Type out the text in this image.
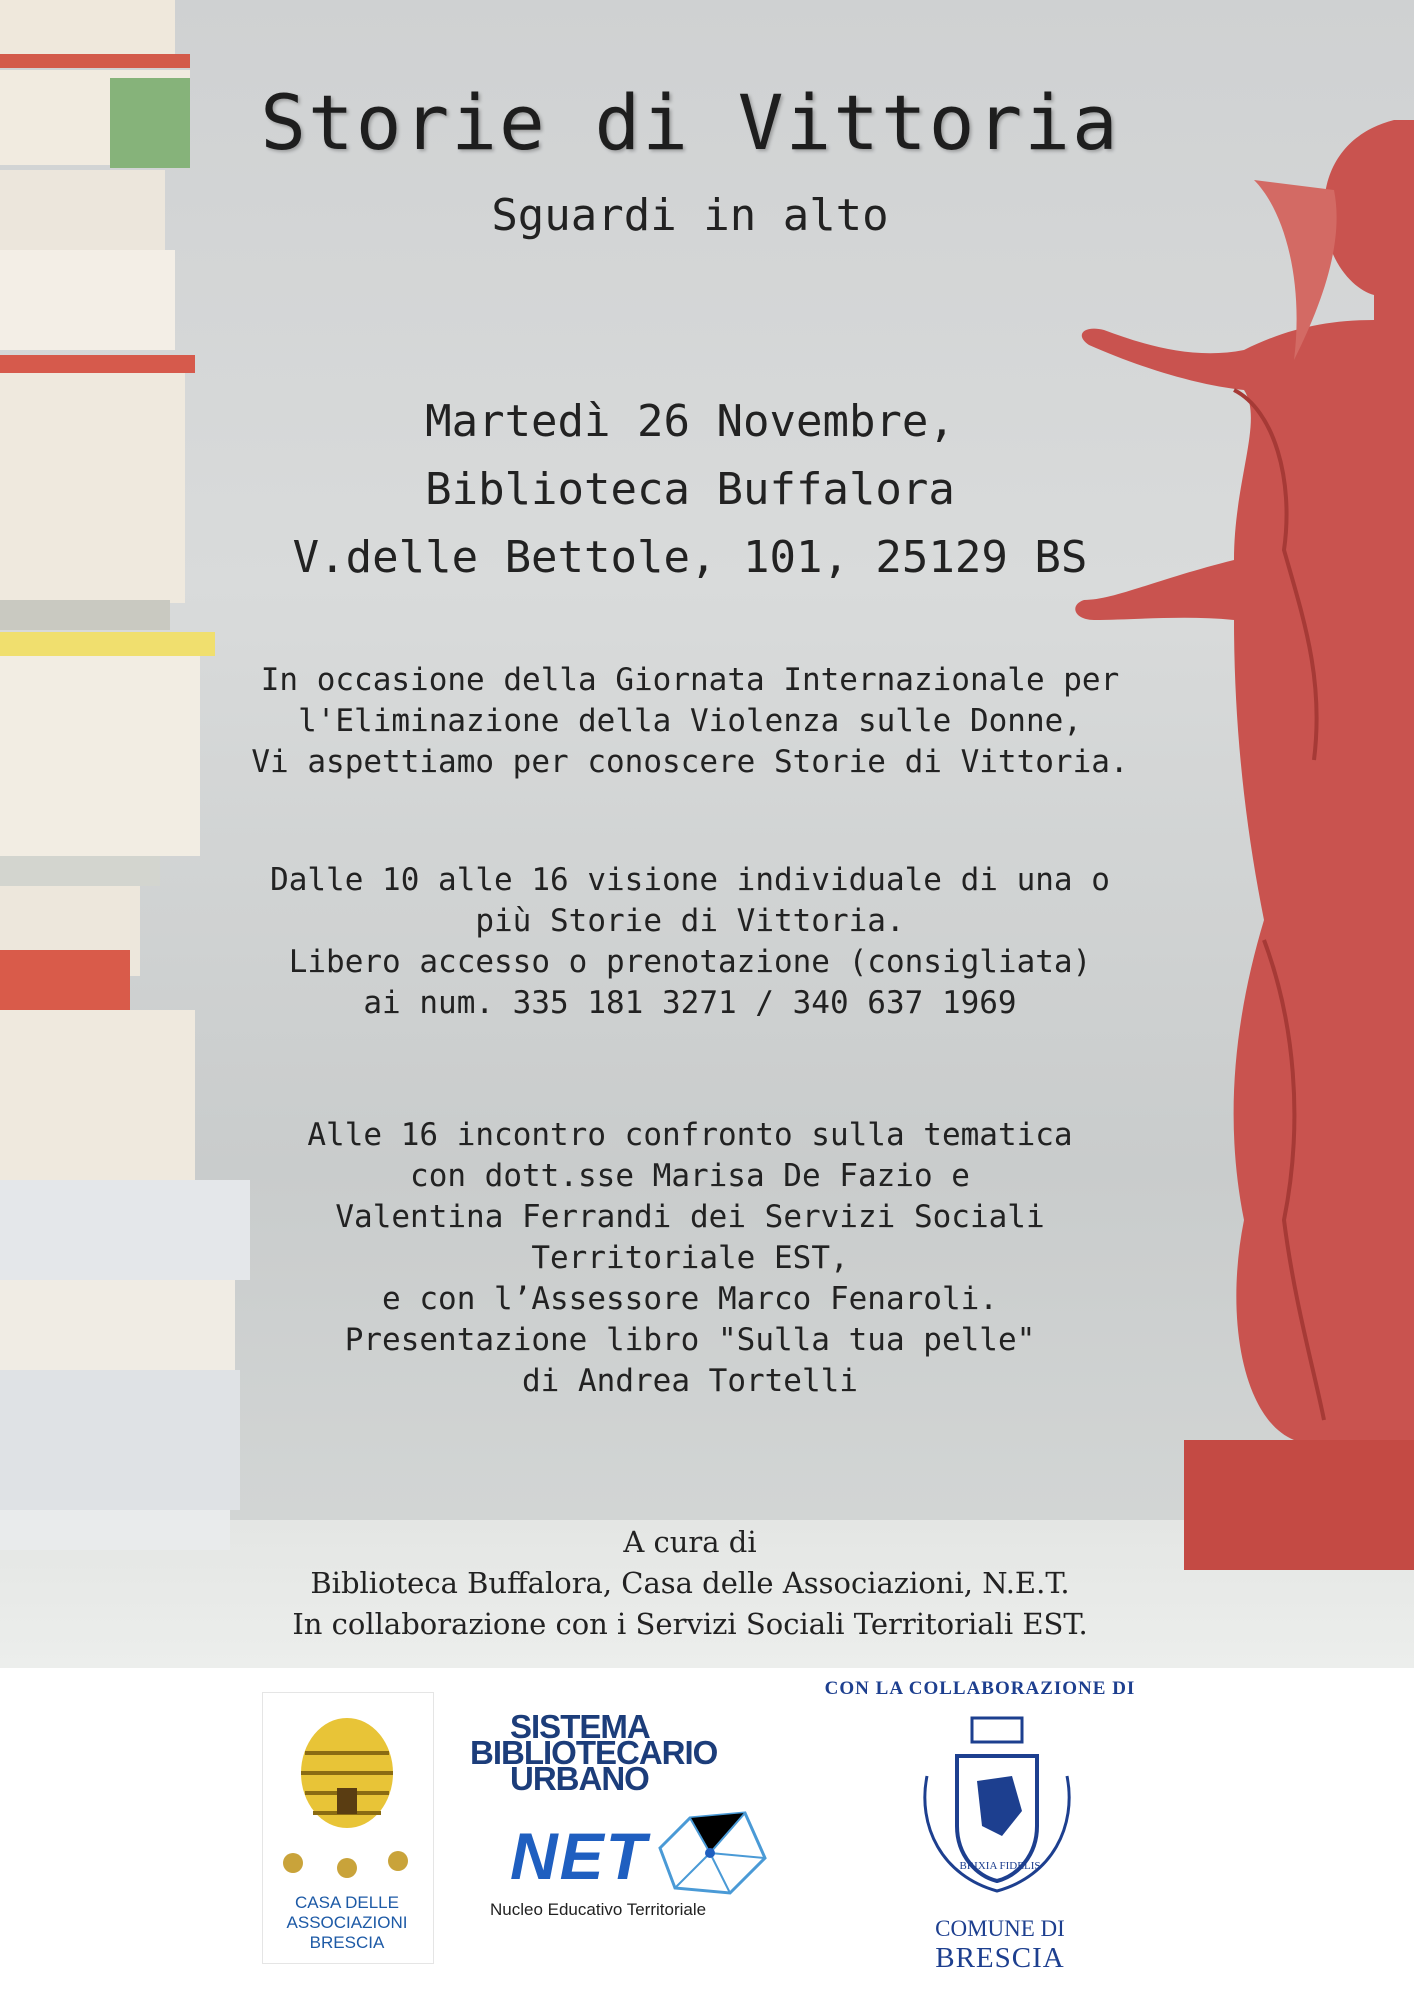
Storie di Vittoria
Sguardi in alto
Martedì 26 Novembre,
Biblioteca Buffalora
V.delle Bettole, 101, 25129 BS
In occasione della Giornata Internazionale per
l'Eliminazione della Violenza sulle Donne,
Vi aspettiamo per conoscere Storie di Vittoria.
Dalle 10 alle 16 visione individuale di una o
più Storie di Vittoria.
Libero accesso o prenotazione (consigliata)
ai num. 335 181 3271 / 340 637 1969
Alle 16 incontro confronto sulla tematica
con dott.sse Marisa De Fazio e
Valentina Ferrandi dei Servizi Sociali
Territoriale EST,
e con l’Assessore Marco Fenaroli.
Presentazione libro "Sulla tua pelle"
di Andrea Tortelli
A cura di
Biblioteca Buffalora, Casa delle Associazioni, N.E.T.
In collaborazione con i Servizi Sociali Territoriali EST.
CASA DELLE
ASSOCIAZIONI
BRESCIA
SISTEMA
BIBLIOTECARIO
URBANO
NET
Nucleo Educativo Territoriale
CON LA COLLABORAZIONE DI
BRIXIA FIDELIS
COMUNE DI
BRESCIA
